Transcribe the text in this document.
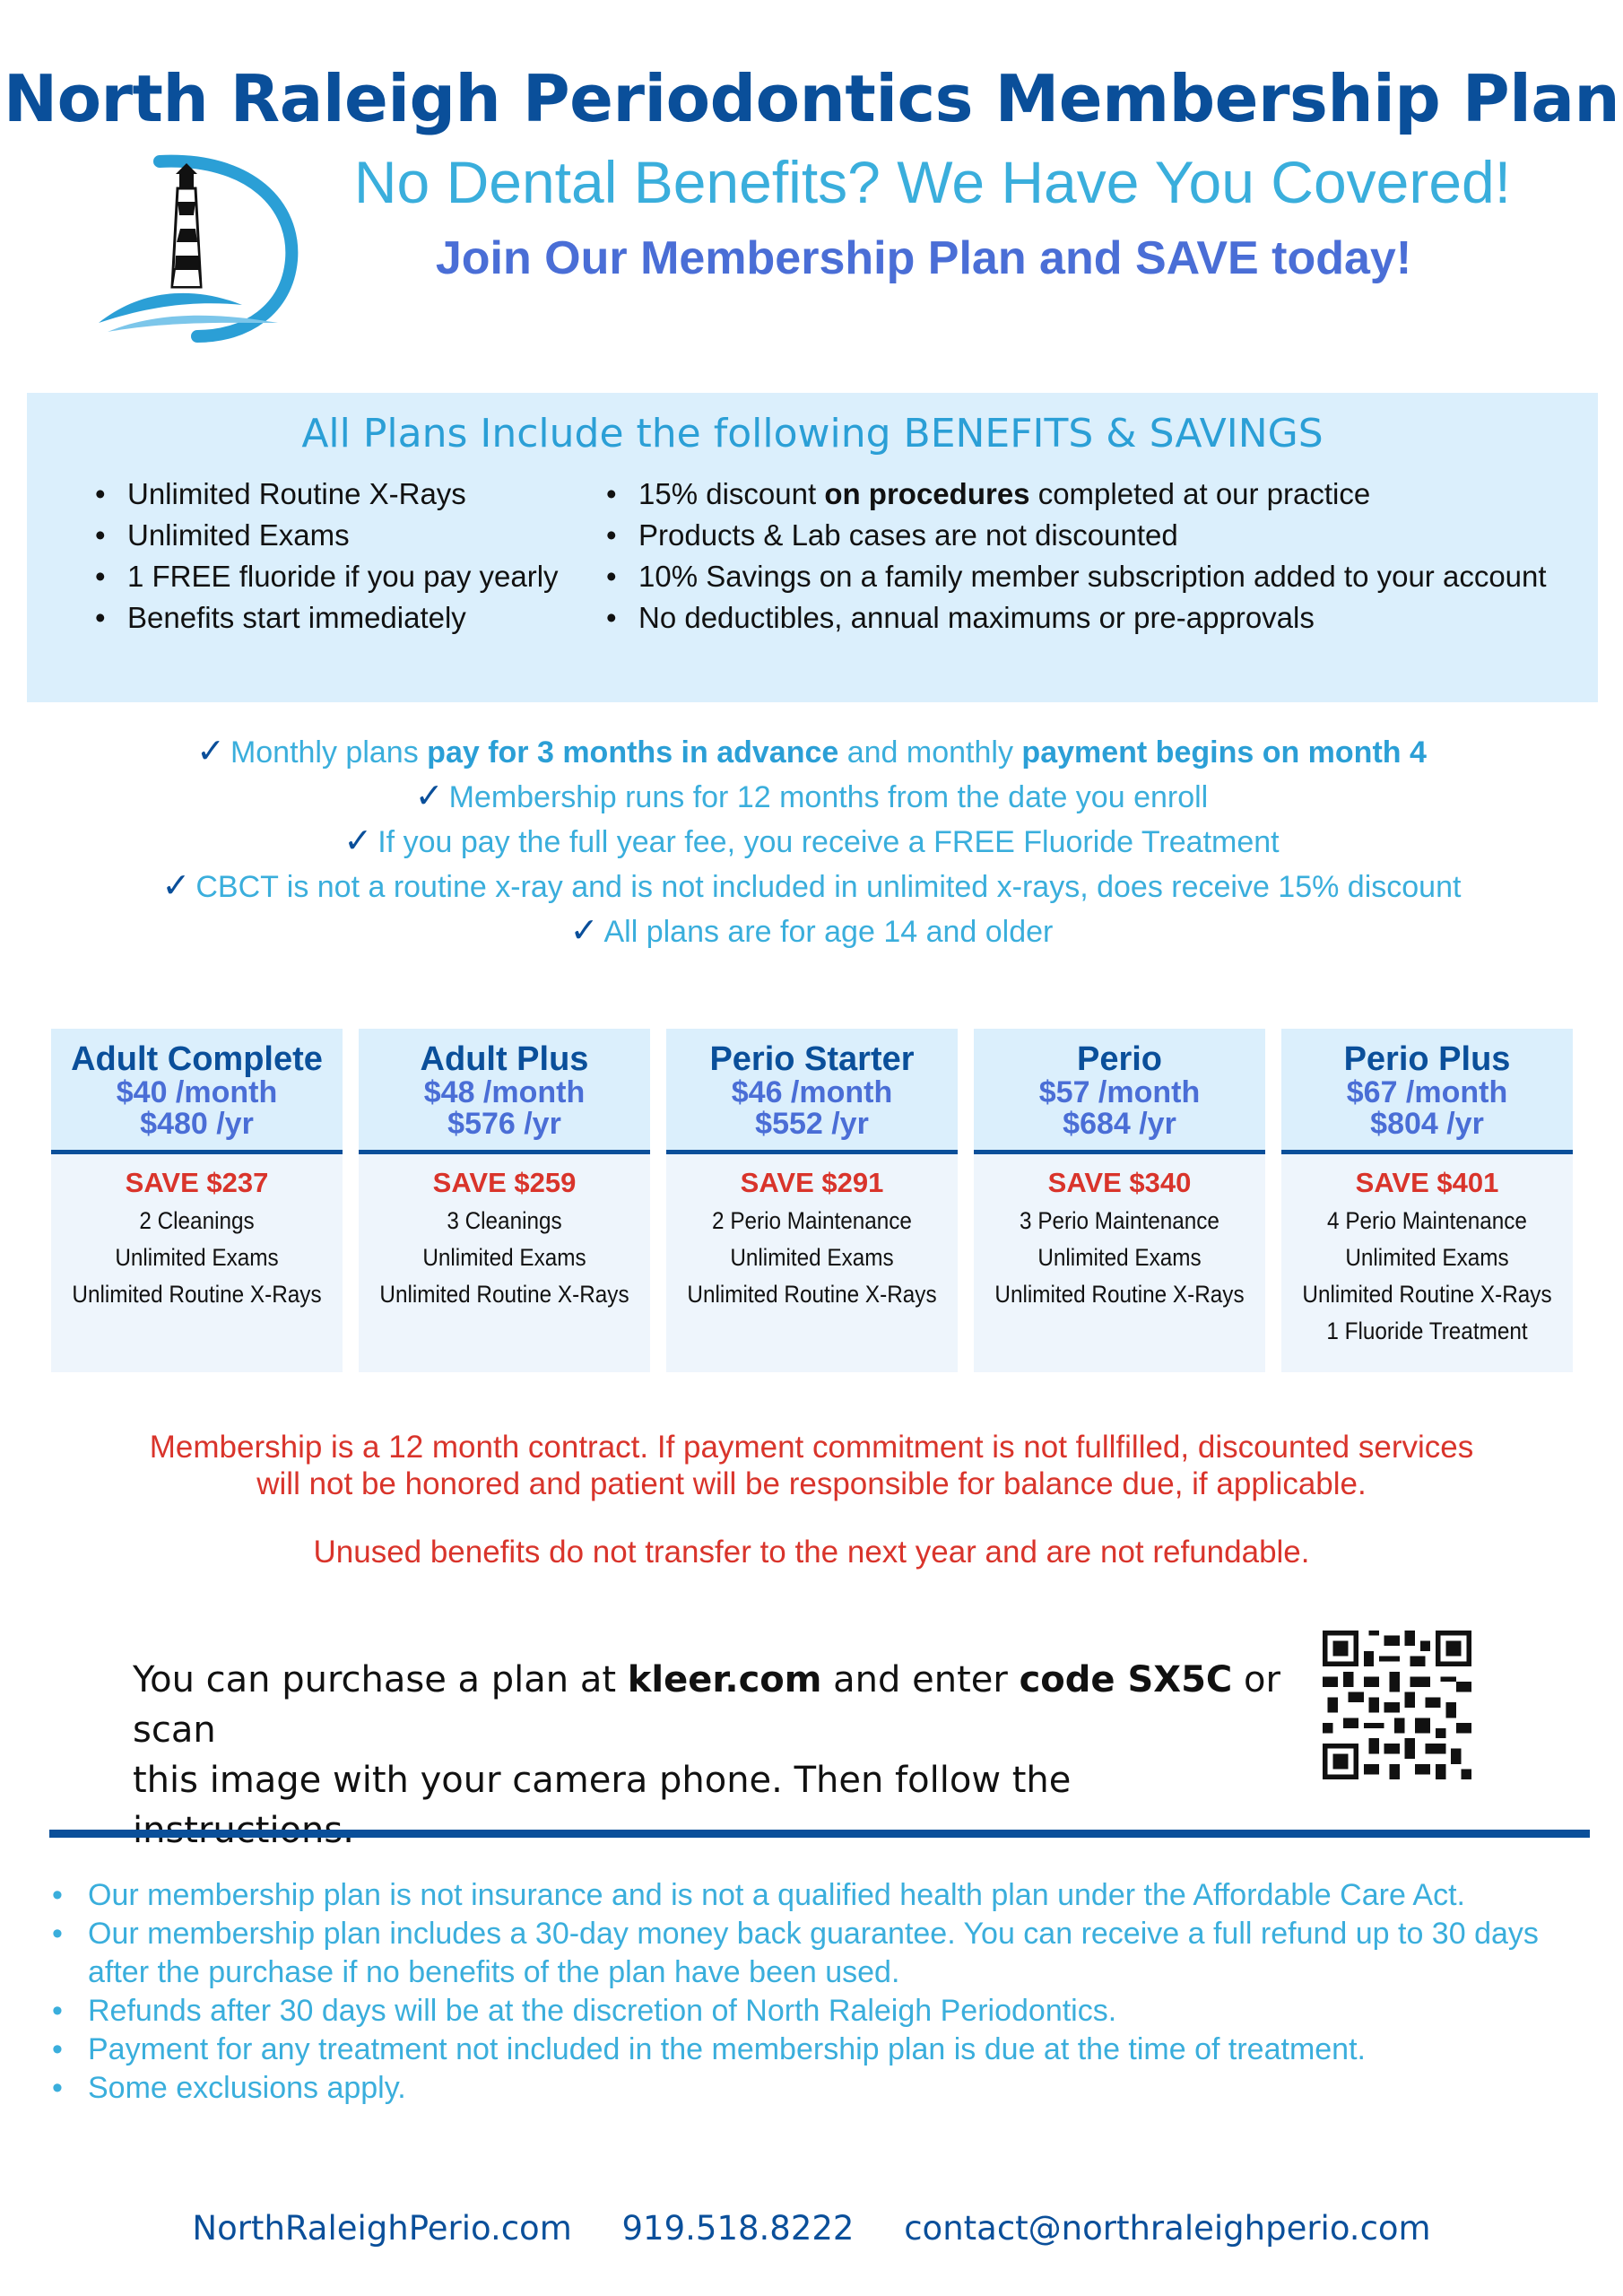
North Raleigh Periodontics Membership Plan
No Dental Benefits? We Have You Covered!
Join Our Membership Plan and SAVE today!
All Plans Include the following BENEFITS & SAVINGS
• Unlimited Routine X-Rays
• Unlimited Exams
• 1 FREE fluoride if you pay yearly
• Benefits start immediately
• 15% discount on procedures completed at our practice
• Products & Lab cases are not discounted
• 10% Savings on a family member subscription added to your account
• No deductibles, annual maximums or pre-approvals
✓ Monthly plans pay for 3 months in advance and monthly payment begins on month 4
✓ Membership runs for 12 months from the date you enroll
✓ If you pay the full year fee, you receive a FREE Fluoride Treatment
✓ CBCT is not a routine x-ray and is not included in unlimited x-rays, does receive 15% discount
✓ All plans are for age 14 and older
Adult Complete
$40 /month
$480 /yr
SAVE $237
2 Cleanings
Unlimited Exams
Unlimited Routine X-Rays
Adult Plus
$48 /month
$576 /yr
SAVE $259
3 Cleanings
Unlimited Exams
Unlimited Routine X-Rays
Perio Starter
$46 /month
$552 /yr
SAVE $291
2 Perio Maintenance
Unlimited Exams
Unlimited Routine X-Rays
Perio
$57 /month
$684 /yr
SAVE $340
3 Perio Maintenance
Unlimited Exams
Unlimited Routine X-Rays
Perio Plus
$67 /month
$804 /yr
SAVE $401
4 Perio Maintenance
Unlimited Exams
Unlimited Routine X-Rays
1 Fluoride Treatment
Membership is a 12 month contract. If payment commitment is not fullfilled, discounted services
will not be honored and patient will be responsible for balance due, if applicable.
Unused benefits do not transfer to the next year and are not refundable.
You can purchase a plan at kleer.com and enter code SX5C or scan
this image with your camera phone. Then follow the
• Our membership plan is not insurance and is not a qualified health plan under the Affordable Care Act.
• Our membership plan includes a 30-day money back guarantee. You can receive a full refund up to 30 days after the purchase if no benefits of the plan have been used.
• Refunds after 30 days will be at the discretion of North Raleigh Periodontics.
• Payment for any treatment not included in the membership plan is due at the time of treatment.
• Some exclusions apply.
NorthRaleighPerio.com 919.518.8222 contact@northraleighperio.com
